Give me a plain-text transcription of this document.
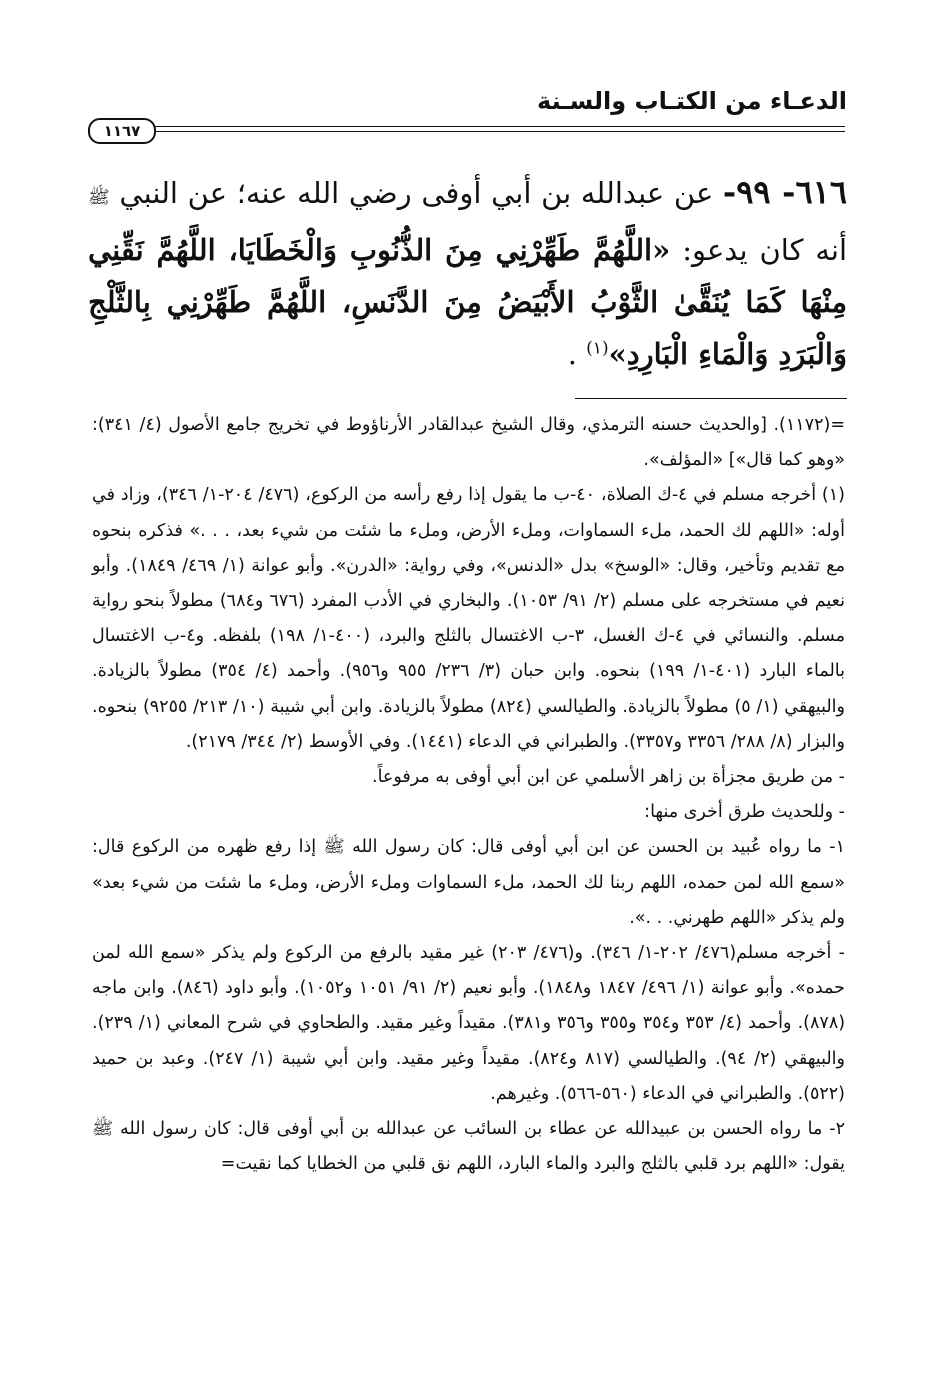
الدعـاء من الكتـاب والسـنة
١١٦٧
٦١٦- ٩٩- عن عبدالله بن أبي أوفى رضي الله عنه؛ عن النبي ﷺ أنه كان يدعو: «اللَّهُمَّ طَهِّرْنِي مِنَ الذُّنُوبِ وَالْخَطَايَا، اللَّهُمَّ نَقِّنِي مِنْهَا كَمَا يُنَقَّىٰ الثَّوْبُ الأَبْيَضُ مِنَ الدَّنَسِ، اللَّهُمَّ طَهِّرْنِي بِالثَّلْجِ وَالْبَرَدِ وَالْمَاءِ الْبَارِدِ»$^{(١)}$ .

=(١١٧٢). [والحديث حسنه الترمذي، وقال الشيخ عبدالقادر الأرناؤوط في تخريج جامع الأصول (٤/ ٣٤١): «وهو كما قال»] «المؤلف».

(١) أخرجه مسلم في ٤-ك الصلاة، ٤٠-ب ما يقول إذا رفع رأسه من الركوع، (٤٧٦/ ٢٠٤-١/ ٣٤٦)، وزاد في أوله: «اللهم لك الحمد، ملء السماوات، وملء الأرض، وملء ما شئت من شيء بعد، . . .» فذكره بنحوه مع تقديم وتأخير، وقال: «الوسخ» بدل «الدنس»، وفي رواية: «الدرن». وأبو عوانة (١/ ٤٦٩/ ١٨٤٩). وأبو نعيم في مستخرجه على مسلم (٢/ ٩١/ ١٠٥٣). والبخاري في الأدب المفرد (٦٧٦ و٦٨٤) مطولاً بنحو رواية مسلم. والنسائي في ٤-ك الغسل، ٣-ب الاغتسال بالثلج والبرد، (٤٠٠-١/ ١٩٨) بلفظه. و٤-ب الاغتسال بالماء البارد (٤٠١-١/ ١٩٩) بنحوه. وابن حبان (٣/ ٢٣٦/ ٩٥٥ و٩٥٦). وأحمد (٤/ ٣٥٤) مطولاً بالزيادة. والبيهقي (١/ ٥) مطولاً بالزيادة. والطيالسي (٨٢٤) مطولاً بالزيادة. وابن أبي شيبة (١٠/ ٢١٣/ ٩٢٥٥) بنحوه. والبزار (٨/ ٢٨٨/ ٣٣٥٦ و٣٣٥٧). والطبراني في الدعاء (١٤٤١). وفي الأوسط (٢/ ٣٤٤/ ٢١٧٩).

- من طريق مجزأة بن زاهر الأسلمي عن ابن أبي أوفى به مرفوعاً.

- وللحديث طرق أخرى منها:

١- ما رواه عُبيد بن الحسن عن ابن أبي أوفى قال: كان رسول الله ﷺ إذا رفع ظهره من الركوع قال: «سمع الله لمن حمده، اللهم ربنا لك الحمد، ملء السماوات وملء الأرض، وملء ما شئت من شيء بعد» ولم يذكر «اللهم طهرني. . .».

- أخرجه مسلم(٤٧٦/ ٢٠٢-١/ ٣٤٦). و(٤٧٦/ ٢٠٣) غير مقيد بالرفع من الركوع ولم يذكر «سمع الله لمن حمده». وأبو عوانة (١/ ٤٩٦/ ١٨٤٧ و١٨٤٨). وأبو نعيم (٢/ ٩١/ ١٠٥١ و١٠٥٢). وأبو داود (٨٤٦). وابن ماجه (٨٧٨). وأحمد (٤/ ٣٥٣ و٣٥٤ و٣٥٥ و٣٥٦ و٣٨١). مقيداً وغير مقيد. والطحاوي في شرح المعاني (١/ ٢٣٩). والبيهقي (٢/ ٩٤). والطيالسي (٨١٧ و٨٢٤). مقيداً وغير مقيد. وابن أبي شيبة (١/ ٢٤٧). وعبد بن حميد (٥٢٢). والطبراني في الدعاء (٥٦٠-٥٦٦). وغيرهم.

٢- ما رواه الحسن بن عبيدالله عن عطاء بن السائب عن عبدالله بن أبي أوفى قال: كان رسول الله ﷺ يقول: «اللهم برد قلبي بالثلج والبرد والماء البارد، اللهم نق قلبي من الخطايا كما نقيت=
